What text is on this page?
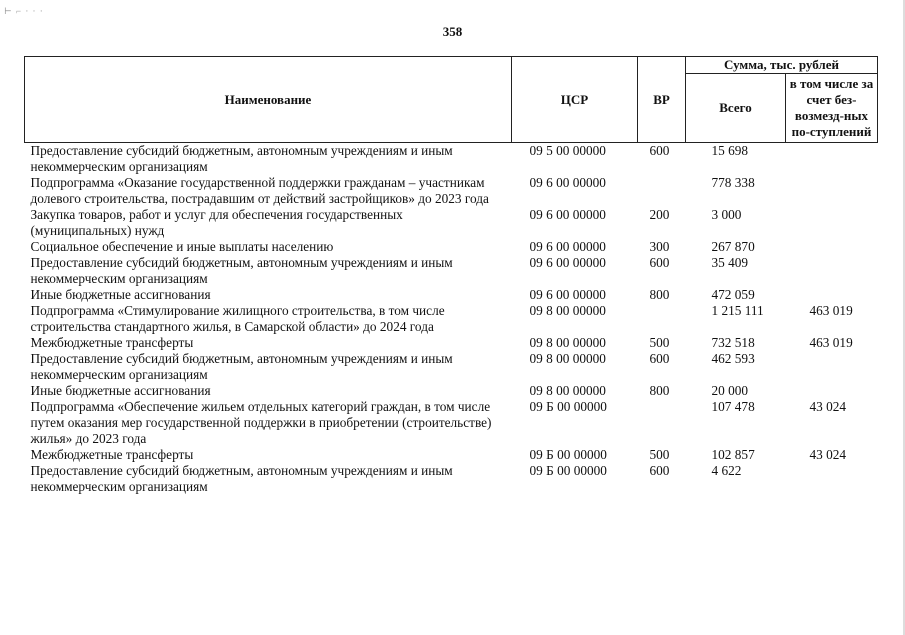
⊢ ⌐ · · ·
358
Наименование	ЦСР	ВР	Сумма, тыс. рублей	
			Всего	в том числе за счет без-возмезд-ных по-ступлений
Предоставление субсидий бюджетным, автономным учреждениям и иным некоммерческим организациям	09 5 00 00000	600	15 698	
Подпрограмма «Оказание государственной поддержки гражданам – участникам долевого строительства, пострадавшим от действий застройщиков» до 2023 года	09 6 00 00000		778 338	
Закупка товаров, работ и услуг для обеспечения государственных (муниципальных) нужд	09 6 00 00000	200	3 000	
Социальное обеспечение и иные выплаты населению	09 6 00 00000	300	267 870	
Предоставление субсидий бюджетным, автономным учреждениям и иным некоммерческим организациям	09 6 00 00000	600	35 409	
Иные бюджетные ассигнования	09 6 00 00000	800	472 059	
Подпрограмма «Стимулирование жилищного строительства, в том числе строительства стандартного жилья, в Самарской области» до 2024 года	09 8 00 00000		1 215 111	463 019
Межбюджетные трансферты	09 8 00 00000	500	732 518	463 019
Предоставление субсидий бюджетным, автономным учреждениям и иным некоммерческим организациям	09 8 00 00000	600	462 593	
Иные бюджетные ассигнования	09 8 00 00000	800	20 000	
Подпрограмма «Обеспечение жильем отдельных категорий граждан, в том числе путем оказания мер государственной поддержки в приобретении (строительстве) жилья» до 2023 года	09 Б 00 00000		107 478	43 024
Межбюджетные трансферты	09 Б 00 00000	500	102 857	43 024
Предоставление субсидий бюджетным, автономным учреждениям и иным некоммерческим организациям	09 Б 00 00000	600	4 622	
